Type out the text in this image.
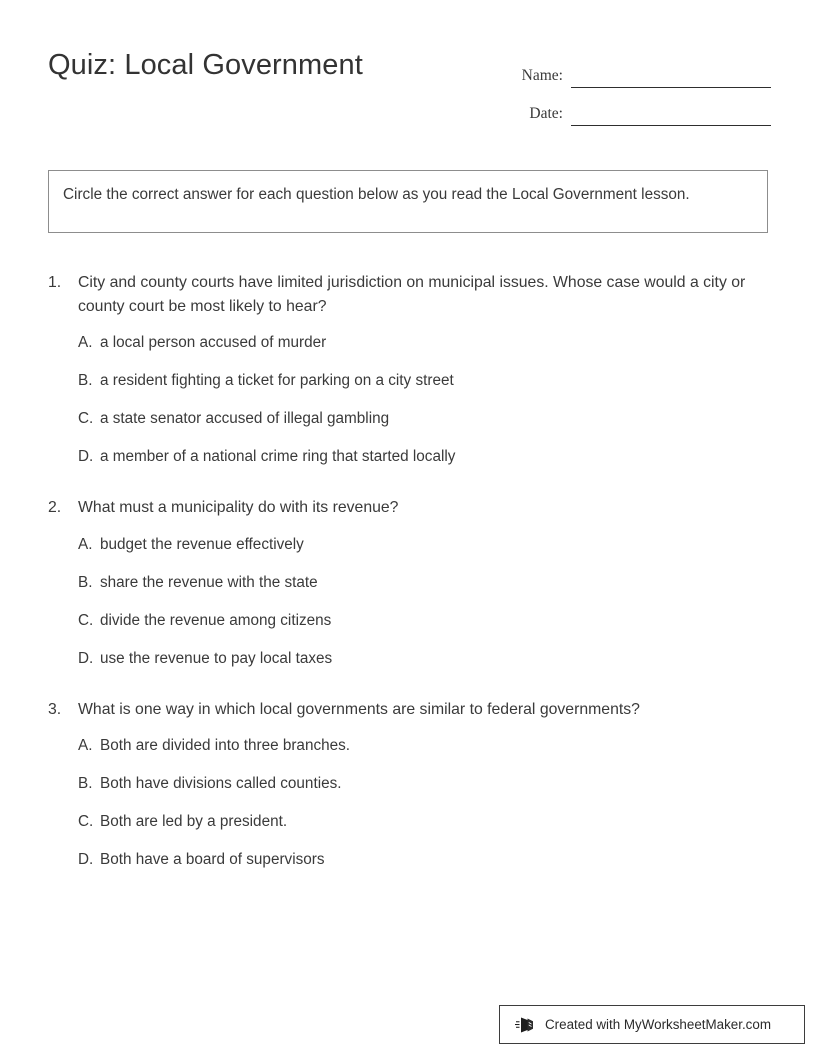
Quiz: Local Government	Name:
Date:
Circle the correct answer for each question below as you read the Local Government lesson.
1.	City and county courts have limited jurisdiction on municipal issues. Whose case would a city or county court be most likely to hear?
A. a local person accused of murder
B. a resident fighting a ticket for parking on a city street
C. a state senator accused of illegal gambling
D. a member of a national crime ring that started locally
2.	What must a municipality do with its revenue?
A. budget the revenue effectively
B. share the revenue with the state
C. divide the revenue among citizens
D. use the revenue to pay local taxes
3.	What is one way in which local governments are similar to federal governments?
A. Both are divided into three branches.
B. Both have divisions called counties.
C. Both are led by a president.
D. Both have a board of supervisors
Created with MyWorksheetMaker.com
